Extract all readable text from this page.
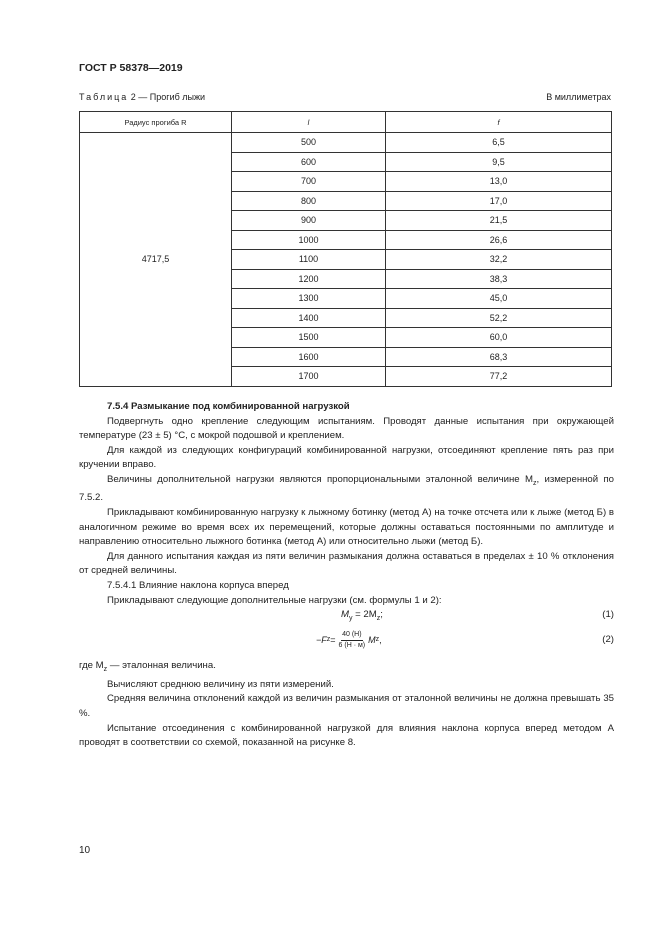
ГОСТ Р 58378—2019
Таблица 2 — Прогиб лыжи	В миллиметрах
Радиус прогиба R	l	f
4717,5	500	6,5
	600	9,5
	700	13,0
	800	17,0
	900	21,5
	1000	26,6
	1100	32,2
	1200	38,3
	1300	45,0
	1400	52,2
	1500	60,0
	1600	68,3
	1700	77,2

7.5.4 Размыкание под комбинированной нагрузкой

Подвергнуть одно крепление следующим испытаниям. Проводят данные испытания при окружающей температуре (23 ± 5) °С, с мокрой подошвой и креплением.

Для каждой из следующих конфигураций комбинированной нагрузки, отсоединяют крепление пять раз при кручении вправо.

Величины дополнительной нагрузки являются пропорциональными эталонной величине $M_z$, измеренной по 7.5.2.

Прикладывают комбинированную нагрузку к лыжному ботинку (метод А) на точке отсчета или к лыже (метод Б) в аналогичном режиме во время всех их перемещений, которые должны оставаться постоянными по амплитуде и направлению относительно лыжного ботинка (метод А) или относительно лыжи (метод Б).

Для данного испытания каждая из пяти величин размыкания должна оставаться в пределах ± 10 % отклонения от средней величины.

7.5.4.1 Влияние наклона корпуса вперед

Прикладывают следующие дополнительные нагрузки (см. формулы 1 и 2):

$M_y = 2M_z$;	(1)
−F $z = \frac{40 (Н)}{6 (Н \cdot м)}$ M z ,	(2)

где $M_z$ — эталонная величина.

Вычисляют среднюю величину из пяти измерений.

Средняя величина отклонений каждой из величин размыкания от эталонной величины не должна превышать 35 %.

Испытание отсоединения с комбинированной нагрузкой для влияния наклона корпуса вперед методом А проводят в соответствии со схемой, показанной на рисунке 8.

10
